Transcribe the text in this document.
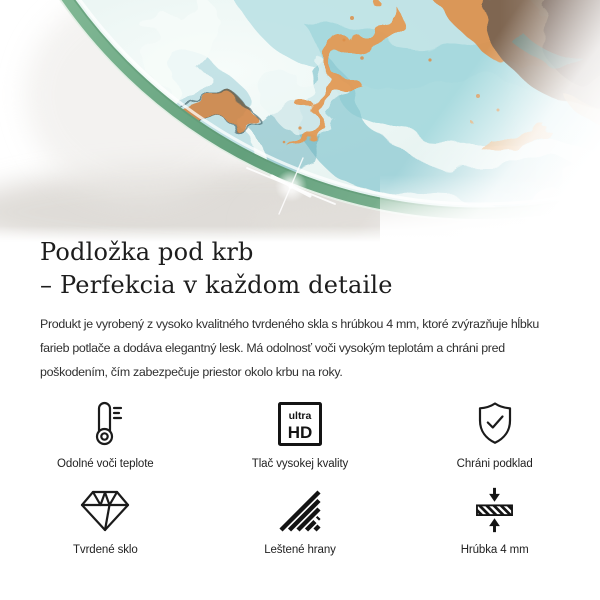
Podložka pod krb
– Perfekcia v každom detaile
Produkt je vyrobený z vysoko kvalitného tvrdeného skla s hrúbkou 4 mm, ktoré zvýrazňuje hĺbku
farieb potlače a dodáva elegantný lesk. Má odolnosť voči vysokým teplotám a chráni pred
poškodením, čím zabezpečuje priestor okolo krbu na roky.
Odolné voči teplote
ultra
HD
Tlač vysokej kvality	Chráni podklad
Tvrdené sklo	Leštené hrany	Hrúbka 4 mm
